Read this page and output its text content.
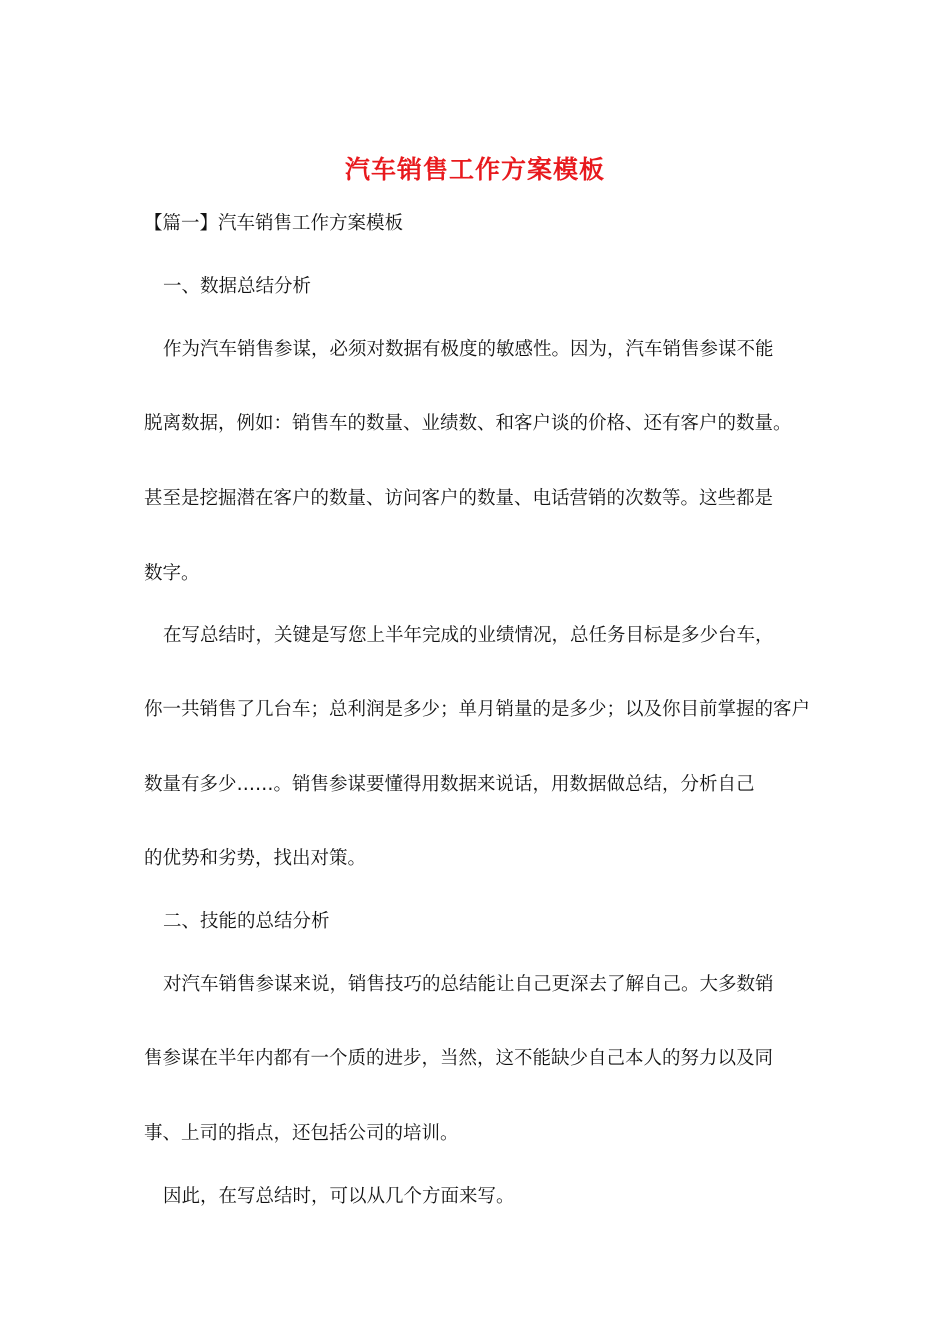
汽车销售工作方案模板
【篇一】汽车销售工作方案模板
一、数据总结分析
作为汽车销售参谋，必须对数据有极度的敏感性。因为，汽车销售参谋不能
脱离数据，例如：销售车的数量、业绩数、和客户谈的价格、还有客户的数量。
甚至是挖掘潜在客户的数量、访问客户的数量、电话营销的次数等。这些都是
数字。
在写总结时，关键是写您上半年完成的业绩情况，总任务目标是多少台车，
你一共销售了几台车；总利润是多少；单月销量的是多少；以及你目前掌握的客户
数量有多少……。销售参谋要懂得用数据来说话，用数据做总结，分析自己
的优势和劣势，找出对策。
二、技能的总结分析
对汽车销售参谋来说，销售技巧的总结能让自己更深去了解自己。大多数销
售参谋在半年内都有一个质的进步，当然，这不能缺少自己本人的努力以及同
事、上司的指点，还包括公司的培训。
因此，在写总结时，可以从几个方面来写。
